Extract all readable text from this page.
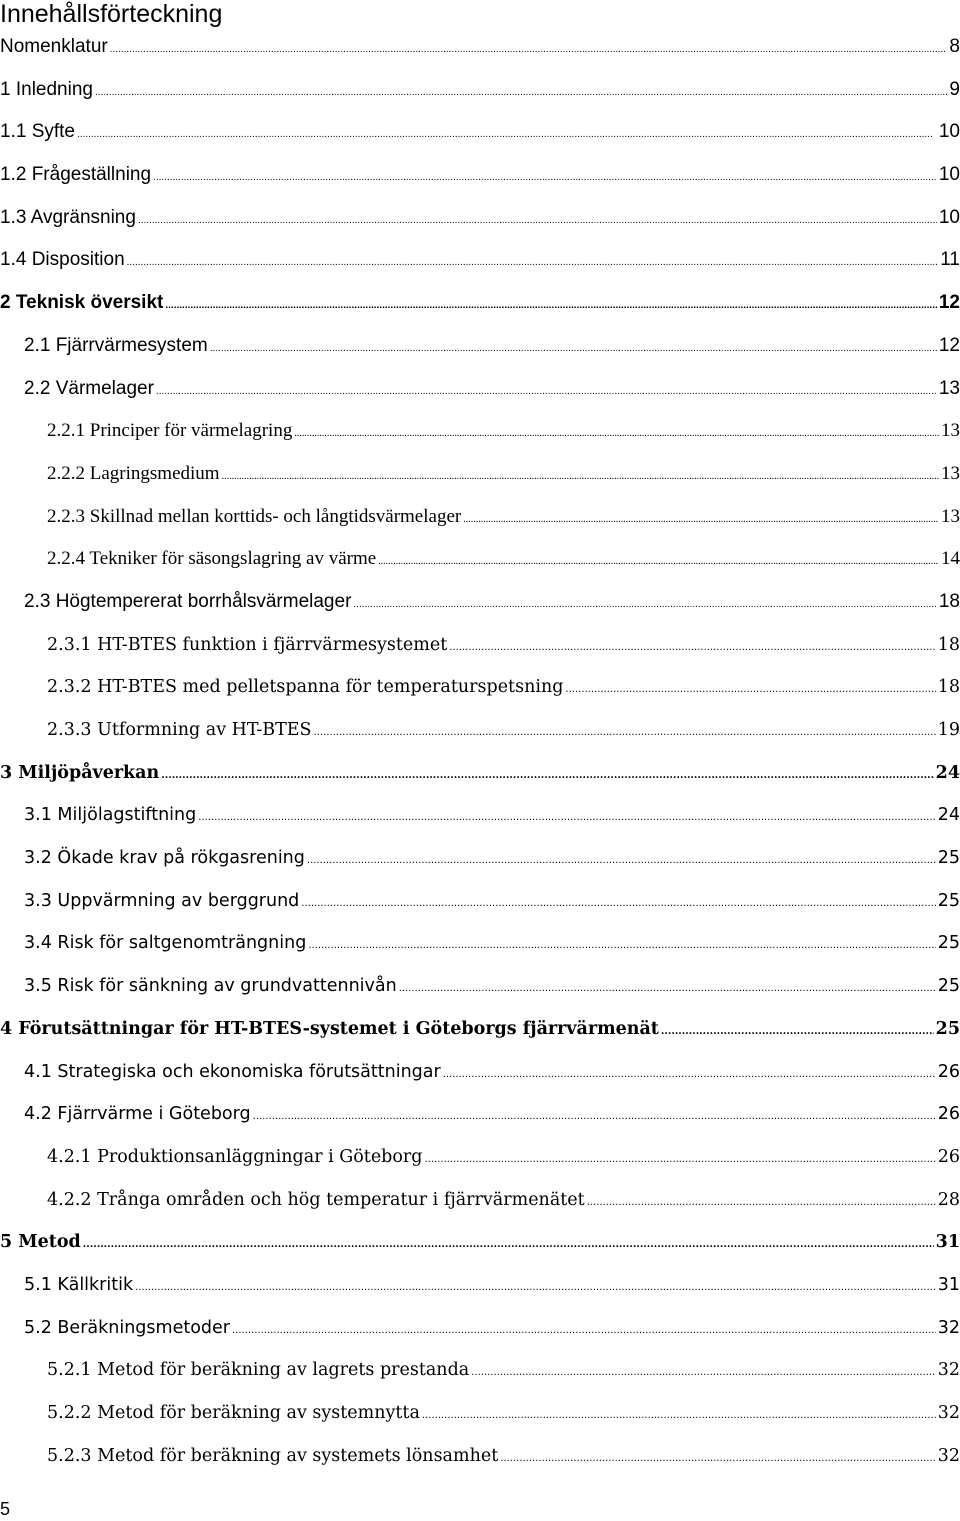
Innehållsförteckning
Nomenklatur .....	8
1 Inledning .....	9
1.1 Syfte .....	10
1.2 Frågeställning .....	10
1.3 Avgränsning .....	10
1.4 Disposition .....	11
2 Teknisk översikt .....	12
2.1 Fjärrvärmesystem .....	12
2.2 Värmelager .....	13
2.2.1 Principer för värmelagring .....	13
2.2.2 Lagringsmedium .....	13
2.2.3 Skillnad mellan korttids- och långtidsvärmelager .....	13
2.2.4 Tekniker för säsongslagring av värme .....	14
2.3 Högtempererat borrhålsvärmelager .....	18
2.3.1 HT-BTES funktion i fjärrvärmesystemet .....	18
2.3.2 HT-BTES med pelletspanna för temperaturspetsning .....	18
2.3.3 Utformning av HT-BTES .....	19
3 Miljöpåverkan .....	24
3.1 Miljölagstiftning .....	24
3.2 Ökade krav på rökgasrening .....	25
3.3 Uppvärmning av berggrund .....	25
3.4 Risk för saltgenomträngning .....	25
3.5 Risk för sänkning av grundvattennivån .....	25
4 Förutsättningar för HT-BTES-systemet i Göteborgs fjärrvärmenät .....	25
4.1 Strategiska och ekonomiska förutsättningar .....	26
4.2 Fjärrvärme i Göteborg .....	26
4.2.1 Produktionsanläggningar i Göteborg .....	26
4.2.2 Trånga områden och hög temperatur i fjärrvärmenätet .....	28
5 Metod .....	31
5.1 Källkritik .....	31
5.2 Beräkningsmetoder .....	32
5.2.1 Metod för beräkning av lagrets prestanda .....	32
5.2.2 Metod för beräkning av systemnytta .....	32
5.2.3 Metod för beräkning av systemets lönsamhet .....	32
5
